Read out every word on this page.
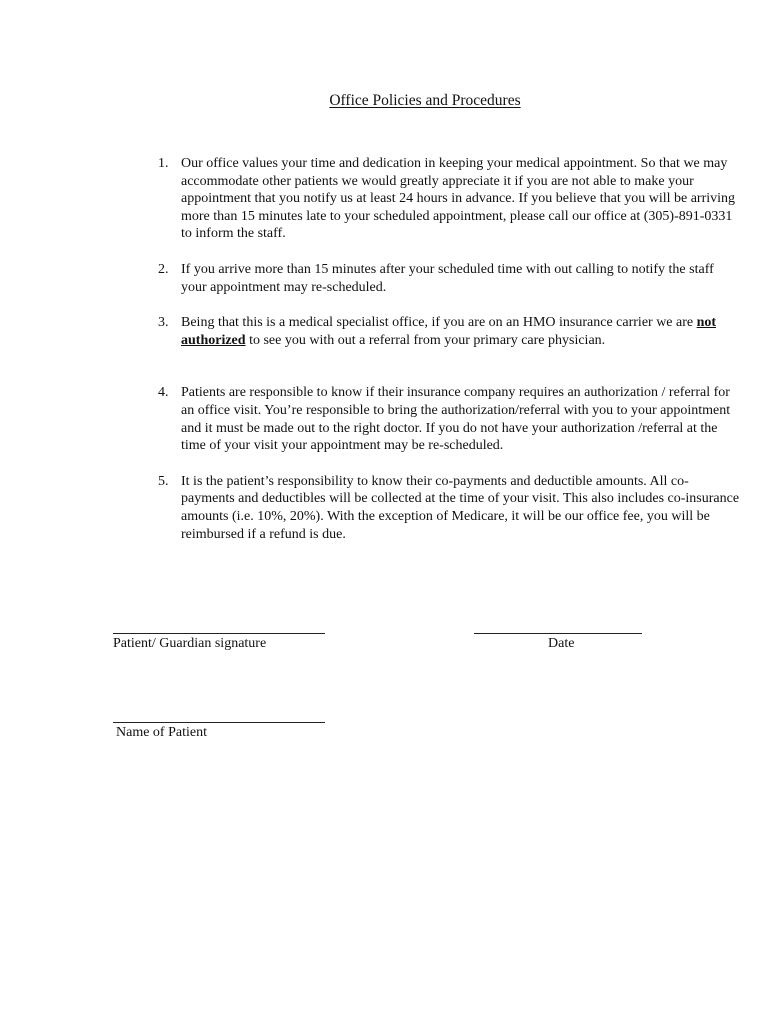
Office Policies and Procedures
1. Our office values your time and dedication in keeping your medical appointment. So that we may accommodate other patients we would greatly appreciate it if you are not able to make your appointment that you notify us at least 24 hours in advance. If you believe that you will be arriving more than 15 minutes late to your scheduled appointment, please call our office at (305)-891-0331 to inform the staff.
2. If you arrive more than 15 minutes after your scheduled time with out calling to notify the staff your appointment may re-scheduled.
3. Being that this is a medical specialist office, if you are on an HMO insurance carrier we are not authorized to see you with out a referral from your primary care physician.
4. Patients are responsible to know if their insurance company requires an authorization / referral for an office visit. You’re responsible to bring the authorization/referral with you to your appointment and it must be made out to the right doctor. If you do not have your authorization /referral at the time of your visit your appointment may be re-scheduled.
5. It is the patient’s responsibility to know their co-payments and deductible amounts. All co-payments and deductibles will be collected at the time of your visit. This also includes co-insurance amounts (i.e. 10%, 20%). With the exception of Medicare, it will be our office fee, you will be reimbursed if a refund is due.
Patient/ Guardian signature	Date
Name of Patient
